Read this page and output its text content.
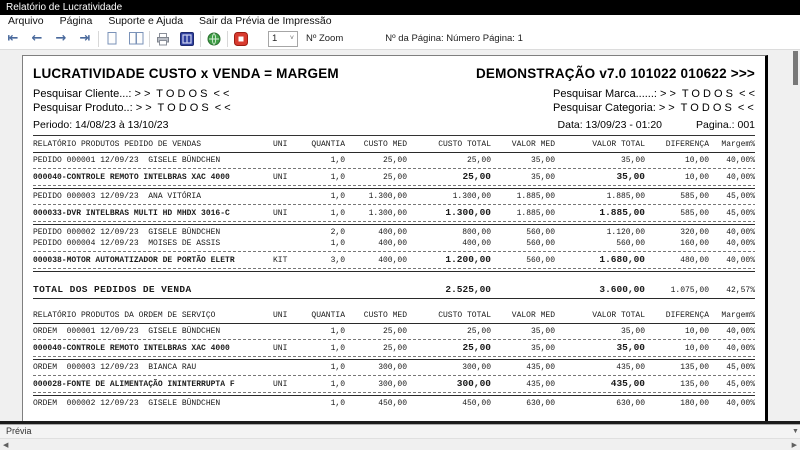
Relatório de Lucratividade
Arquivo	Página	Suporte e Ajuda	Sair da Prévia de Impressão
⇤ ← → ⇥	1 ˅ Nº Zoom	Nº da Página: Número Página: 1
LUCRATIVIDADE CUSTO x VENDA = MARGEM	DEMONSTRAÇÃO v7.0 101022 010622 >>>
Pesquisar Cliente...: > >  T O D O S  < <
Pesquisar Produto..: > >  T O D O S  < <
Pesquisar Marca......: > >  T O D O S  < <
Pesquisar Categoria: > >  T O D O S  < <
Periodo: 14/08/23 à 13/10/23	Data: 13/09/23 - 01:20	Pagina.: 001
RELATÓRIO PRODUTOS PEDIDO DE VENDAS	UNI	QUANTIA	CUSTO MED	CUSTO TOTAL	VALOR MED	VALOR TOTAL	DIFERENÇA	Margem%
PEDIDO 000001 12/09/23  GISELE BÜNDCHEN	1,0	25,00	25,00	35,00	35,00	10,00	40,00%
000040-CONTROLE REMOTO INTELBRAS XAC 4000	UNI	1,0	25,00	25,00	35,00	35,00	10,00	40,00%
PEDIDO 000003 12/09/23  ANA VITÓRIA	1,0	1.300,00	1.300,00	1.885,00	1.885,00	585,00	45,00%
000033-DVR INTELBRAS MULTI HD MHDX 3016-C	UNI	1,0	1.300,00	1.300,00	1.885,00	1.885,00	585,00	45,00%
PEDIDO 000002 12/09/23  GISELE BÜNDCHEN	2,0	400,00	800,00	560,00	1.120,00	320,00	40,00%
PEDIDO 000004 12/09/23  MOISES DE ASSIS	1,0	400,00	400,00	560,00	560,00	160,00	40,00%
000038-MOTOR AUTOMATIZADOR DE PORTÃO ELETR	KIT	3,0	400,00	1.200,00	560,00	1.680,00	480,00	40,00%
TOTAL DOS PEDIDOS DE VENDA	2.525,00	3.600,00	1.075,00	42,57%
RELATÓRIO PRODUTOS DA ORDEM DE SERVIÇO	UNI	QUANTIA	CUSTO MED	CUSTO TOTAL	VALOR MED	VALOR TOTAL	DIFERENÇA	Margem%
ORDEM  000001 12/09/23  GISELE BÜNDCHEN	1,0	25,00	25,00	35,00	35,00	10,00	40,00%
000040-CONTROLE REMOTO INTELBRAS XAC 4000	UNI	1,0	25,00	25,00	35,00	35,00	10,00	40,00%
ORDEM  000003 12/09/23  BIANCA RAU	1,0	300,00	300,00	435,00	435,00	135,00	45,00%
000028-FONTE DE ALIMENTAÇÃO ININTERRUPTA F	UNI	1,0	300,00	300,00	435,00	435,00	135,00	45,00%
ORDEM  000002 12/09/23  GISELE BÜNDCHEN	1,0	450,00	450,00	630,00	630,00	180,00	40,00%
▼
Prévia
◀	▶
